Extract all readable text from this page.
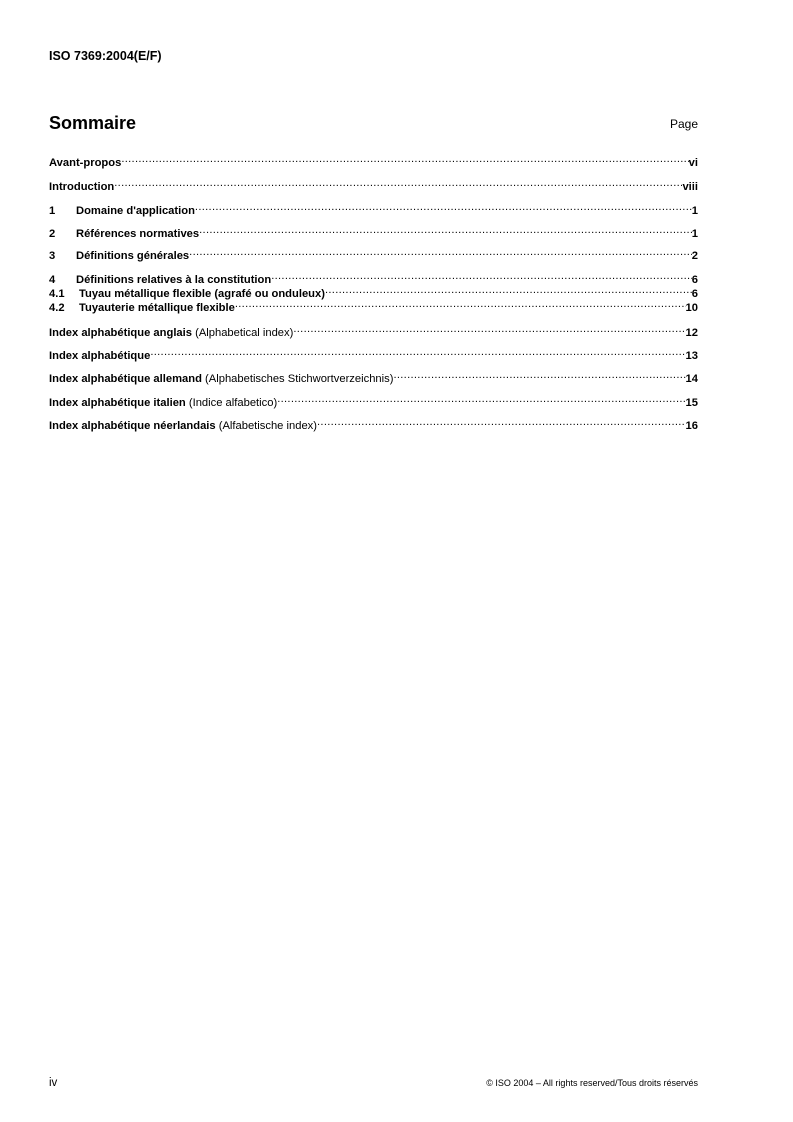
ISO 7369:2004(E/F)
Sommaire	Page
Avant-propos .....	vi
Introduction .....	viii
1	Domaine d'application .....	1
2	Références normatives .....	1
3	Définitions générales .....	2
4	Définitions relatives à la constitution .....	6
4.1	Tuyau métallique flexible (agrafé ou onduleux) .....	6
4.2	Tuyauterie métallique flexible .....	10
Index alphabétique anglais (Alphabetical index) .....	12
Index alphabétique .....	13
Index alphabétique allemand (Alphabetisches Stichwortverzeichnis) .....	14
Index alphabétique italien (Indice alfabetico) .....	15
Index alphabétique néerlandais (Alfabetische index) .....	16
iv	© ISO 2004 – All rights reserved/Tous droits réservés
